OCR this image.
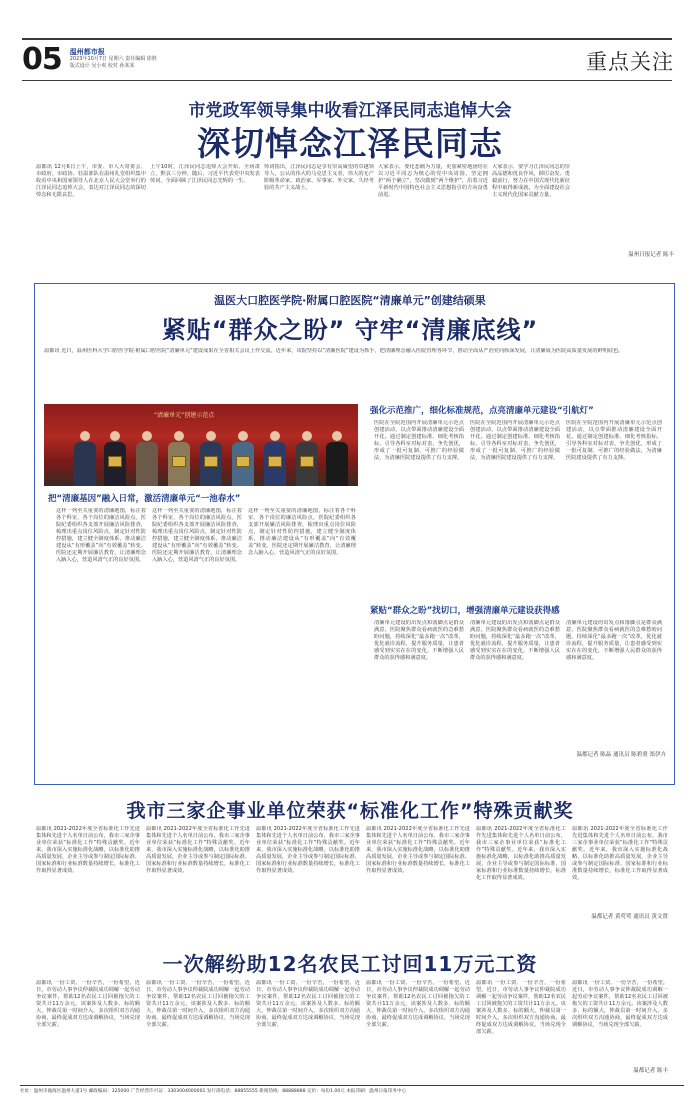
05 温州都市报
2023年10月7日 星期六 责任编辑 徐胜
版式设计 吴小爽 校对 孙某某	重点关注
市党政军领导集中收看江泽民同志追悼大会
深切悼念江泽民同志
温都讯 12月6日上午，市委、市人大常委会、市政府、市政协、驻温部队在温州礼堂组织集中收看中央和国家领导人在北京人民大会堂举行的江泽民同志追悼大会，表达对江泽民同志的深切悼念和无限哀思。
上午10时，江泽民同志追悼大会开始，全场肃立，默哀三分钟。随后，习近平代表党中央发表悼词，全面回顾了江泽民同志光辉的一生。
悼词指出，江泽民同志是享有崇高威望的卓越领导人，公认的伟大的马克思主义者，伟大的无产阶级革命家、政治家、军事家、外交家，久经考验的共产主义战士。
大家表示，要化悲痛为力量，更加紧密地团结在以习近平同志为核心的党中央周围，坚定拥护“两个确立”，坚决做到“两个维护”，沿着习近平新时代中国特色社会主义思想指引的方向奋勇前进。
大家表示，要学习江泽民同志的崇高品德和优良作风，踔厉奋发、勇毅前行，努力在中国式现代化新征程中取得新成就，为全面建设社会主义现代化国家贡献力量。
温州日报记者 陈丰
温医大口腔医学院·附属口腔医院“清廉单元”创建结硕果
紧贴“群众之盼” 守牢“清廉底线”
温都讯 近日，温州医科大学口腔医学院·附属口腔医院“清廉单元”建设成果在全省相关会议上作交流。近年来，该院坚持以“清廉医院”建设为抓手，把清廉理念融入医院管理各环节，推动全面从严治党向纵深发展，让清廉成为医院高质量发展的鲜明底色。
“清廉单元”创建示范点
把“清廉基因”融入日常，激活清廉单元“一池春水”
这样一列至关重要的清廉地图，标注着各个科室、各个岗位的廉洁风险点。医院纪委组织各支部开展廉洁风险排查，梳理出重点岗位风险点，制定针对性防控措施，建立健全制度体系，推动廉洁建设从“有形覆盖”向“有效覆盖”转变。医院还定期开展廉洁教育，让清廉理念入脑入心，营造风清气正的良好氛围。
这样一列至关重要的清廉地图，标注着各个科室、各个岗位的廉洁风险点。医院纪委组织各支部开展廉洁风险排查，梳理出重点岗位风险点，制定针对性防控措施，建立健全制度体系，推动廉洁建设从“有形覆盖”向“有效覆盖”转变。医院还定期开展廉洁教育，让清廉理念入脑入心，营造风清气正的良好氛围。
这样一列至关重要的清廉地图，标注着各个科室、各个岗位的廉洁风险点。医院纪委组织各支部开展廉洁风险排查，梳理出重点岗位风险点，制定针对性防控措施，建立健全制度体系，推动廉洁建设从“有形覆盖”向“有效覆盖”转变。医院还定期开展廉洁教育，让清廉理念入脑入心，营造风清气正的良好氛围。
强化示范推广，细化标准规范，点亮清廉单元建设“引航灯”
医院在全院范围内开展清廉单元示范点创建活动，以点带面推动清廉建设全面开花。通过制定创建标准、细化考核指标，引导各科室对标对表、争先创优，形成了一批可复制、可推广的经验做法，为清廉医院建设提供了有力支撑。
医院在全院范围内开展清廉单元示范点创建活动，以点带面推动清廉建设全面开花。通过制定创建标准、细化考核指标，引导各科室对标对表、争先创优，形成了一批可复制、可推广的经验做法，为清廉医院建设提供了有力支撑。
医院在全院范围内开展清廉单元示范点创建活动，以点带面推动清廉建设全面开花。通过制定创建标准、细化考核指标，引导各科室对标对表、争先创优，形成了一批可复制、可推广的经验做法，为清廉医院建设提供了有力支撑。
紧贴“群众之盼”找切口，增强清廉单元建设获得感
清廉单元建设的出发点和落脚点是群众满意。医院聚焦群众看病就医的急难愁盼问题，持续深化“最多跑一次”改革，优化就诊流程，提升服务质量，让患者感受到实实在在的变化，不断增强人民群众的获得感和满意度。
清廉单元建设的出发点和落脚点是群众满意。医院聚焦群众看病就医的急难愁盼问题，持续深化“最多跑一次”改革，优化就诊流程，提升服务质量，让患者感受到实实在在的变化，不断增强人民群众的获得感和满意度。
清廉单元建设的出发点和落脚点是群众满意。医院聚焦群众看病就医的急难愁盼问题，持续深化“最多跑一次”改革，优化就诊流程，提升服务质量，让患者感受到实实在在的变化，不断增强人民群众的获得感和满意度。
温都记者 陈晶 通讯员 陈碧重 郑伊卉
我市三家企事业单位荣获“标准化工作”特殊贡献奖
温都讯 2021-2022年度全省标准化工作先进集体和先进个人名单日前公布，我市三家企事业单位荣获“标准化工作”特殊贡献奖。近年来，我市深入实施标准化战略，以标准化助推高质量发展，企业主导或参与制定国际标准、国家标准和行业标准数量持续增长，标准化工作取得显著成效。
温都讯 2021-2022年度全省标准化工作先进集体和先进个人名单日前公布，我市三家企事业单位荣获“标准化工作”特殊贡献奖。近年来，我市深入实施标准化战略，以标准化助推高质量发展，企业主导或参与制定国际标准、国家标准和行业标准数量持续增长，标准化工作取得显著成效。
温都讯 2021-2022年度全省标准化工作先进集体和先进个人名单日前公布，我市三家企事业单位荣获“标准化工作”特殊贡献奖。近年来，我市深入实施标准化战略，以标准化助推高质量发展，企业主导或参与制定国际标准、国家标准和行业标准数量持续增长，标准化工作取得显著成效。
温都讯 2021-2022年度全省标准化工作先进集体和先进个人名单日前公布，我市三家企事业单位荣获“标准化工作”特殊贡献奖。近年来，我市深入实施标准化战略，以标准化助推高质量发展，企业主导或参与制定国际标准、国家标准和行业标准数量持续增长，标准化工作取得显著成效。
温都讯 2021-2022年度全省标准化工作先进集体和先进个人名单日前公布，我市三家企事业单位荣获“标准化工作”特殊贡献奖。近年来，我市深入实施标准化战略，以标准化助推高质量发展，企业主导或参与制定国际标准、国家标准和行业标准数量持续增长，标准化工作取得显著成效。
温都讯 2021-2022年度全省标准化工作先进集体和先进个人名单日前公布，我市三家企事业单位荣获“标准化工作”特殊贡献奖。近年来，我市深入实施标准化战略，以标准化助推高质量发展，企业主导或参与制定国际标准、国家标准和行业标准数量持续增长，标准化工作取得显著成效。
温都记者 黄莺莺 通讯员 黄文贤
一次解纷助12名农民工讨回11万元工资
温都讯 一份工资、一份辛苦，一份希望。近日，市劳动人事争议仲裁院成功调解一起劳动争议案件，帮助12名农民工讨回被拖欠的工资共计11万余元。该案涉及人数多、标的额大，仲裁员第一时间介入，多次组织双方沟通协商，最终促成双方达成调解协议，当场兑现全部欠薪。
温都讯 一份工资、一份辛苦，一份希望。近日，市劳动人事争议仲裁院成功调解一起劳动争议案件，帮助12名农民工讨回被拖欠的工资共计11万余元。该案涉及人数多、标的额大，仲裁员第一时间介入，多次组织双方沟通协商，最终促成双方达成调解协议，当场兑现全部欠薪。
温都讯 一份工资、一份辛苦，一份希望。近日，市劳动人事争议仲裁院成功调解一起劳动争议案件，帮助12名农民工讨回被拖欠的工资共计11万余元。该案涉及人数多、标的额大，仲裁员第一时间介入，多次组织双方沟通协商，最终促成双方达成调解协议，当场兑现全部欠薪。
温都讯 一份工资、一份辛苦，一份希望。近日，市劳动人事争议仲裁院成功调解一起劳动争议案件，帮助12名农民工讨回被拖欠的工资共计11万余元。该案涉及人数多、标的额大，仲裁员第一时间介入，多次组织双方沟通协商，最终促成双方达成调解协议，当场兑现全部欠薪。
温都讯 一份工资、一份辛苦，一份希望。近日，市劳动人事争议仲裁院成功调解一起劳动争议案件，帮助12名农民工讨回被拖欠的工资共计11万余元。该案涉及人数多、标的额大，仲裁员第一时间介入，多次组织双方沟通协商，最终促成双方达成调解协议，当场兑现全部欠薪。
温都讯 一份工资、一份辛苦，一份希望。近日，市劳动人事争议仲裁院成功调解一起劳动争议案件，帮助12名农民工讨回被拖欠的工资共计11万余元。该案涉及人数多、标的额大，仲裁员第一时间介入，多次组织双方沟通协商，最终促成双方达成调解协议，当场兑现全部欠薪。
温都记者 陈丰
社址：温州市瓯海区温州大道1号 邮政编码：325000 广告经营许可证：3303004000001 发行部电话：88855555 新闻热线：88888888 定价：每份1.00元 本报印刷：温州日报印务中心
